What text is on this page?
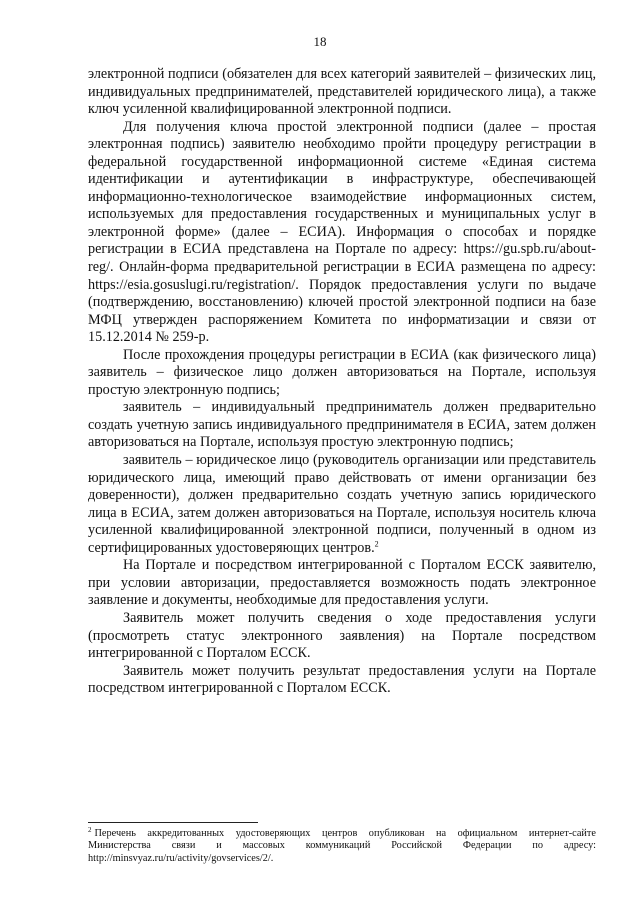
18

электронной подписи (обязателен для всех категорий заявителей – физических лиц, индивидуальных предпринимателей, представителей юридического лица), а также ключ усиленной квалифицированной электронной подписи.

Для получения ключа простой электронной подписи (далее – простая электронная подпись) заявителю необходимо пройти процедуру регистрации в федеральной государственной информационной системе «Единая система идентификации и аутентификации в инфраструктуре, обеспечивающей информационно-технологическое взаимодействие информационных систем, используемых для предоставления государственных и муниципальных услуг в электронной форме» (далее – ЕСИА). Информация о способах и порядке регистрации в ЕСИА представлена на Портале по адресу: https://gu.spb.ru/about-reg/. Онлайн-форма предварительной регистрации в ЕСИА размещена по адресу: https://esia.gosuslugi.ru/registration/. Порядок предоставления услуги по выдаче (подтверждению, восстановлению) ключей простой электронной подписи на базе МФЦ утвержден распоряжением Комитета по информатизации и связи от 15.12.2014 № 259-р.

После прохождения процедуры регистрации в ЕСИА (как физического лица) заявитель – физическое лицо должен авторизоваться на Портале, используя простую электронную подпись;

заявитель – индивидуальный предприниматель должен предварительно создать учетную запись индивидуального предпринимателя в ЕСИА, затем должен авторизоваться на Портале, используя простую электронную подпись;

заявитель – юридическое лицо (руководитель организации или представитель юридического лица, имеющий право действовать от имени организации без доверенности), должен предварительно создать учетную запись юридического лица в ЕСИА, затем должен авторизоваться на Портале, используя носитель ключа усиленной квалифицированной электронной подписи, полученный в одном из сертифицированных удостоверяющих центров.$^2$

На Портале и посредством интегрированной с Порталом ЕССК заявителю, при условии авторизации, предоставляется возможность подать электронное заявление и документы, необходимые для предоставления услуги.

Заявитель может получить сведения о ходе предоставления услуги (просмотреть статус электронного заявления) на Портале посредством интегрированной с Порталом ЕССК.

Заявитель может получить результат предоставления услуги на Портале посредством интегрированной с Порталом ЕССК.

$^2$ Перечень аккредитованных удостоверяющих центров опубликован на официальном интернет-сайте Министерства связи и массовых коммуникаций Российской Федерации по адресу: http://minsvyaz.ru/ru/activity/govservices/2/.
